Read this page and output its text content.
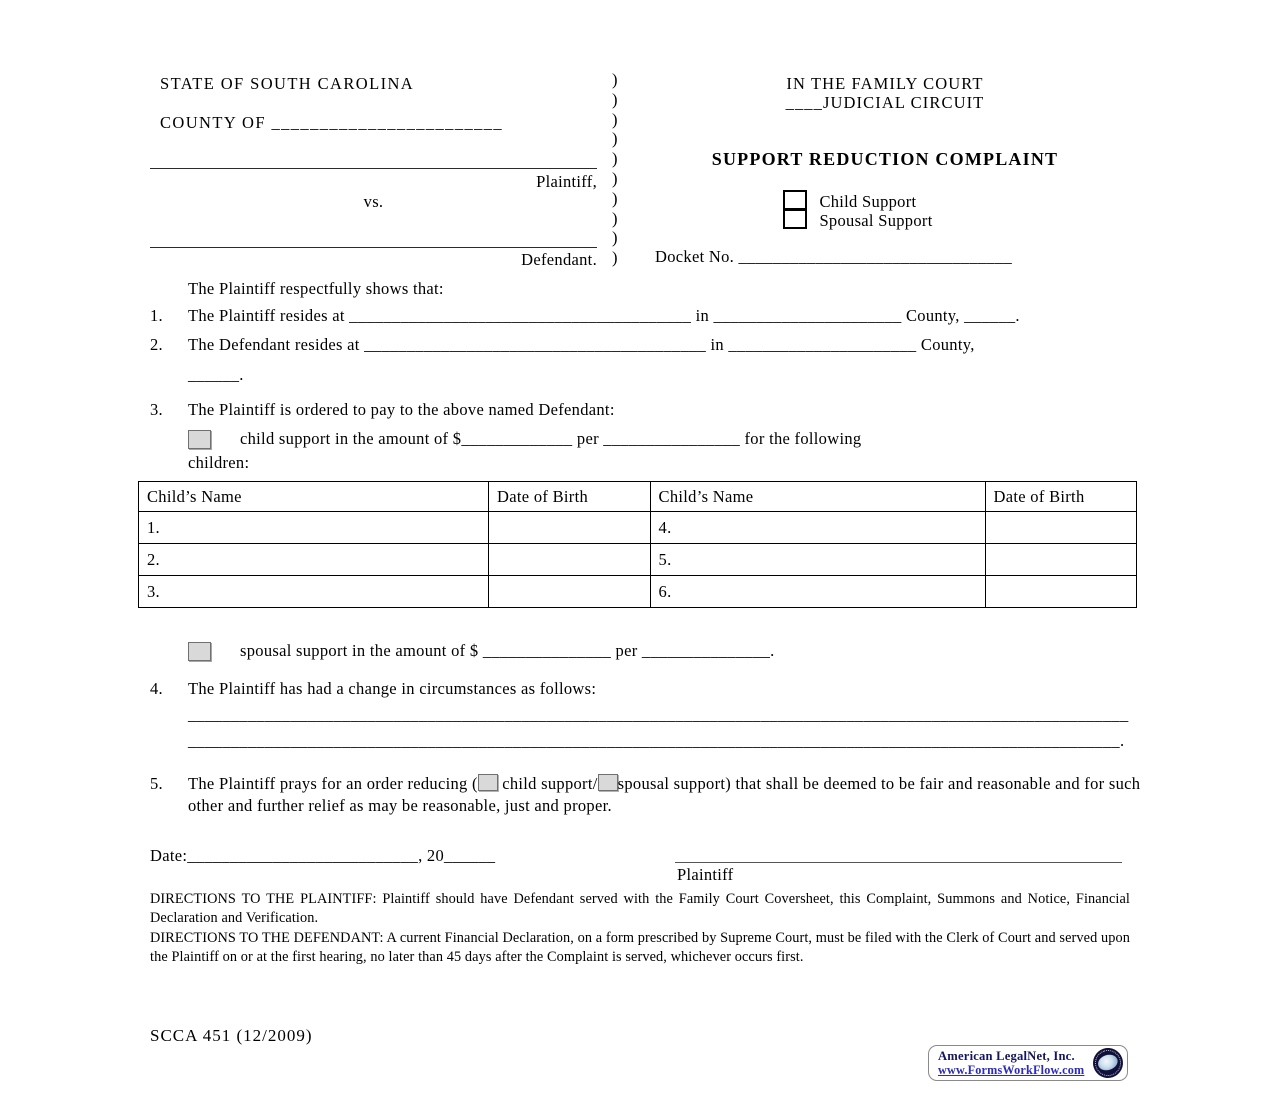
STATE OF SOUTH CAROLINA
COUNTY OF ________________________
Plaintiff,
vs.
Defendant.
)
)
)
)
)
)
)
)
)
)
IN THE FAMILY COURT
____JUDICIAL CIRCUIT
SUPPORT REDUCTION COMPLAINT
Child Support
Spousal Support
Docket No. ________________________________
The Plaintiff respectfully shows that:
1. The Plaintiff resides at ________________________________________ in ______________________ County, ______.
2. The Defendant resides at ________________________________________ in ______________________ County,
______.
3. The Plaintiff is ordered to pay to the above named Defendant:
child support in the amount of $_____________ per ________________ for the following
children:
Child’s Name	Date of Birth	Child’s Name	Date of Birth
1.		4.	
2.		5.	
3.		6.	
spousal support in the amount of $ _______________ per _______________.
4. The Plaintiff has had a change in circumstances as follows:
______________________________________________________________________________________________________________
_____________________________________________________________________________________________________________.
5.	The Plaintiff prays for an order reducing ( child support/ spousal support) that shall be deemed to be fair and reasonable and for such other and further relief as may be reasonable, just and proper.
Date:___________________________, 20______
Plaintiff
DIRECTIONS TO THE PLAINTIFF: Plaintiff should have Defendant served with the Family Court Coversheet, this Complaint, Summons and Notice, Financial Declaration and Verification.
DIRECTIONS TO THE DEFENDANT: A current Financial Declaration, on a form prescribed by Supreme Court, must be filed with the Clerk of Court and served upon the Plaintiff on or at the first hearing, no later than 45 days after the Complaint is served, whichever occurs first.
SCCA 451 (12/2009)
American LegalNet, Inc.
www.FormsWorkFlow.com
